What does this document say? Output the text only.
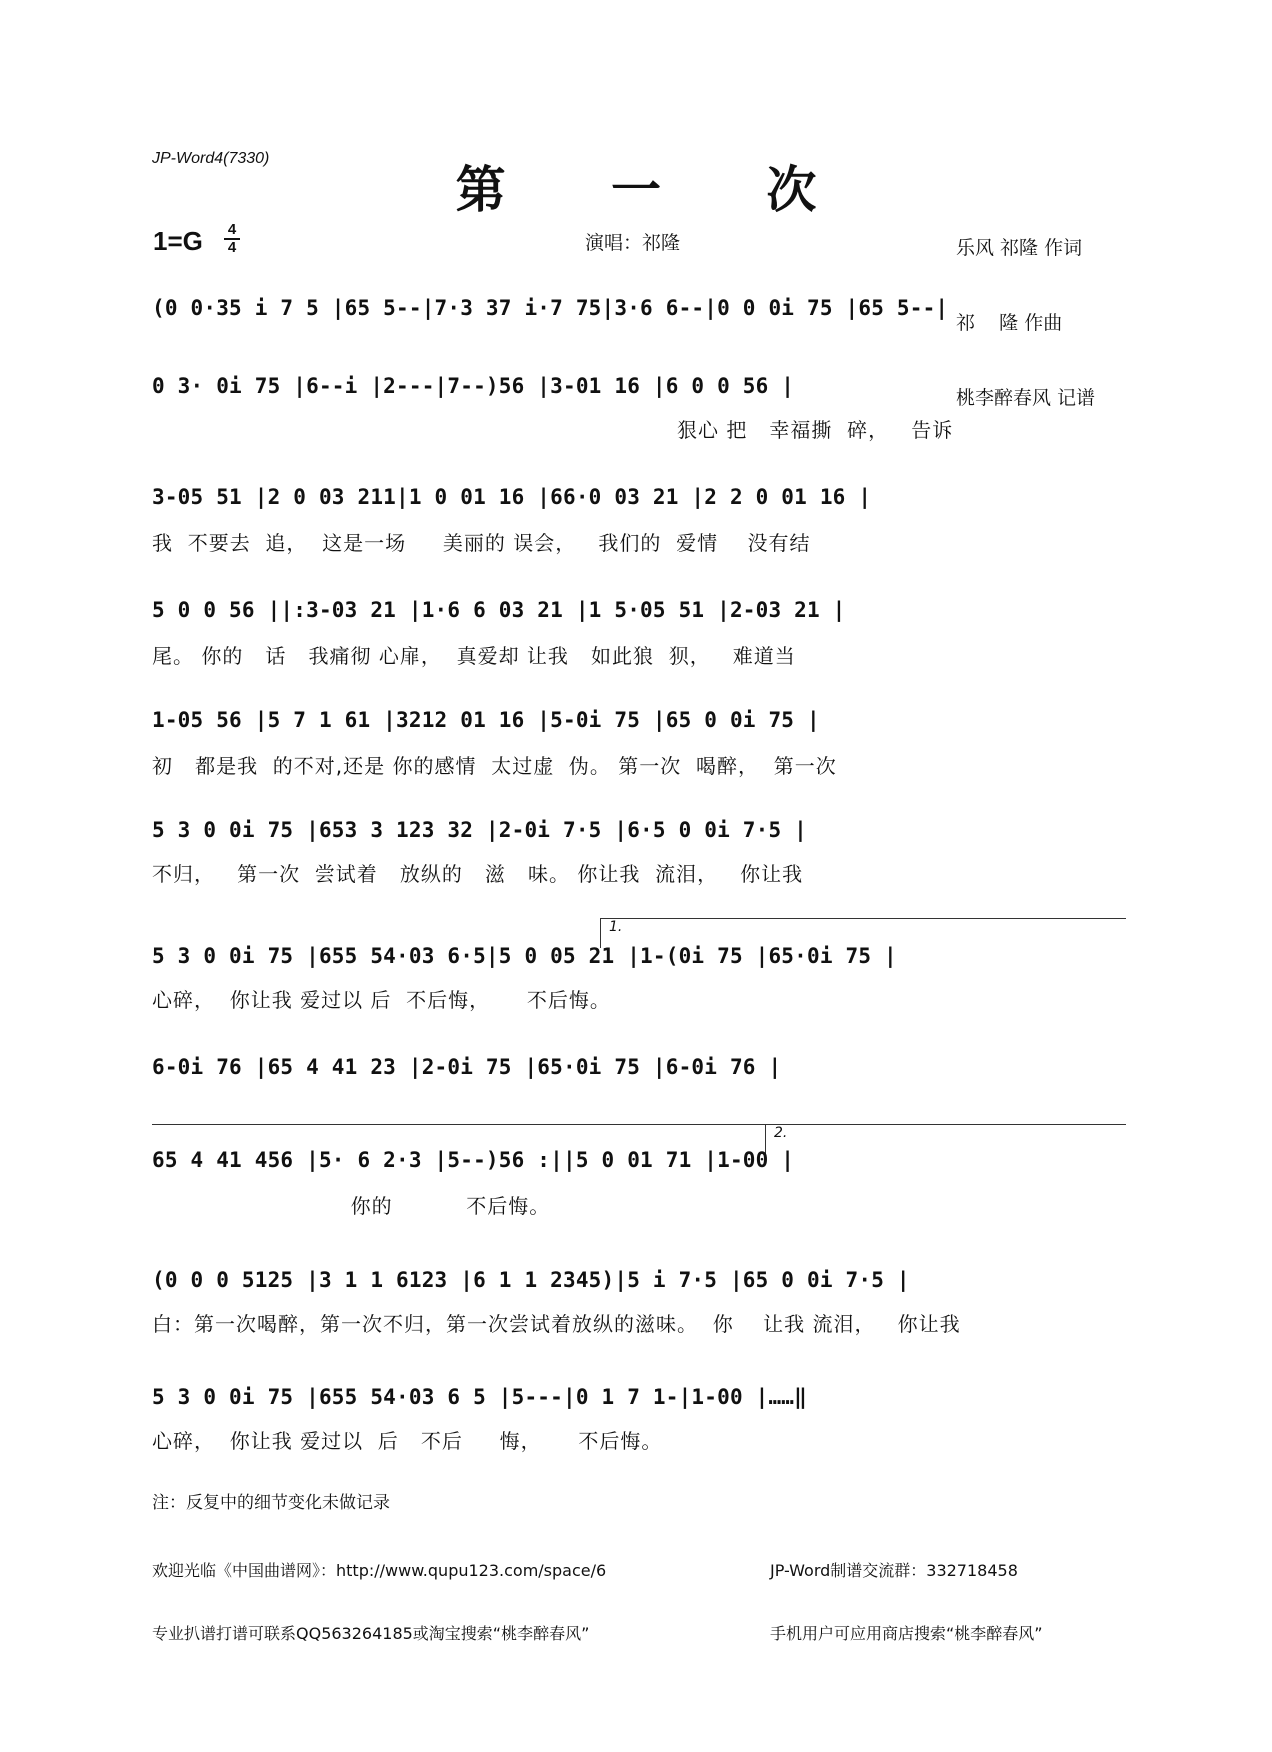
JP-Word4(7330)
第 一 次
1=G	4
4	演唱：祁隆

	乐风 祁隆 作词

祁    隆 作曲

桃李醉春风 记谱

(0 0·35 i 7 5 |65 5--|7·3 37 i·7 75|3·6 6--|0 0 0i 75 |65 5--|
0 3· 0i 75 |6--i |2---|7--)56 |3-01 16 |6 0 0 56 |
狠心 把   幸福撕  碎，   告诉
3-05 51 |2 0 03 211|1 0 01 16 |66·0 03 21 |2 2 0 01 16 |
我  不要去  追，  这是一场     美丽的 误会，   我们的  爱情    没有结
5 0 0 56 ||:3-03 21 |1·6 6 03 21 |1 5·05 51 |2-03 21 |
尾。 你的   话   我痛彻 心扉，  真爱却 让我   如此狼  狈，   难道当
1-05 56 |5 7 1 61 |3212 01 16 |5-0i 75 |65 0 0i 75 |
初   都是我  的不对,还是 你的感情  太过虚  伪。 第一次  喝醉，  第一次
5 3 0 0i 75 |653 3 123 32 |2-0i 7·5 |6·5 0 0i 7·5 |
不归，   第一次  尝试着   放纵的   滋   味。 你让我  流泪，   你让我
1.
5 3 0 0i 75 |655 54·03 6·5|5 0 05 21 |1-(0i 75 |65·0i 75 |
心碎，  你让我 爱过以 后  不后悔，     不后悔。
6-0i 76 |65 4 41 23 |2-0i 75 |65·0i 75 |6-0i 76 |
2.
65 4 41 456 |5· 6 2·3 |5--)56 :||5 0 01 71 |1-00 |
你的          不后悔。
(0 0 0 5125 |3 1 1 6123 |6 1 1 2345)|5 i 7·5 |65 0 0i 7·5 |
白：第一次喝醉，第一次不归，第一次尝试着放纵的滋味。  你    让我 流泪，   你让我
5 3 0 0i 75 |655 54·03 6 5 |5---|0 1 7 1-|1-00 |……‖
心碎，  你让我 爱过以  后   不后     悔，     不后悔。
注：反复中的细节变化未做记录

欢迎光临《中国曲谱网》：http://www.qupu123.com/space/6

专业扒谱打谱可联系QQ563264185或淘宝搜索“桃李醉春风”

JP-Word制谱交流群：332718458

手机用户可应用商店搜索“桃李醉春风”
